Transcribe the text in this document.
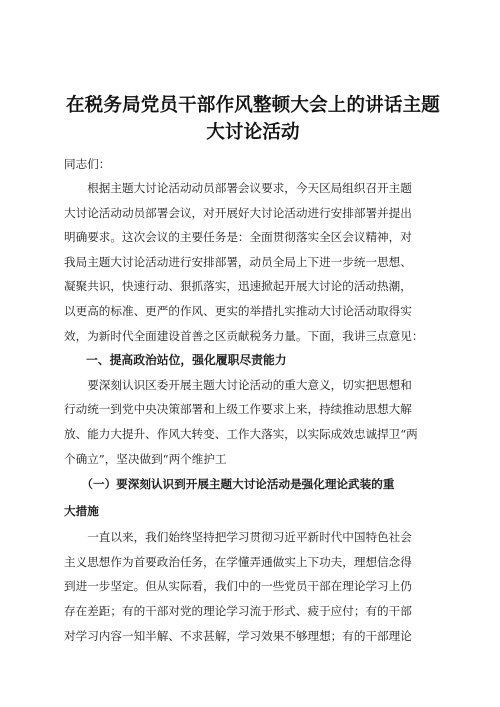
在税务局党员干部作风整顿大会上的讲话主题
大讨论活动
同志们：
　　根据主题大讨论活动动员部署会议要求，今天区局组织召开主题
大讨论活动动员部署会议，对开展好大讨论活动进行安排部署并提出
明确要求。这次会议的主要任务是：全面贯彻落实全区会议精神，对
我局主题大讨论活动进行安排部署，动员全局上下进一步统一思想、
凝聚共识，快速行动、狠抓落实，迅速掀起开展大讨论的活动热潮，
以更高的标准、更严的作风、更实的举措扎实推动大讨论活动取得实
效，为新时代全面建设首善之区贡献税务力量。下面，我讲三点意见：
一、提高政治站位，强化履职尽责能力
　　要深刻认识区委开展主题大讨论活动的重大意义，切实把思想和
行动统一到党中央决策部署和上级工作要求上来，持续推动思想大解
放、能力大提升、作风大转变、工作大落实，以实际成效忠诚捍卫“两
个确立”，坚决做到“两个维护工
　　（一）要深刻认识到开展主题大讨论活动是强化理论武装的重
大措施
　　一直以来，我们始终坚持把学习贯彻习近平新时代中国特色社会
主义思想作为首要政治任务，在学懂弄通做实上下功夫，理想信念得
到进一步坚定。但从实际看，我们中的一些党员干部在理论学习上仍
存在差距；有的干部对党的理论学习流于形式、疲于应付；有的干部
对学习内容一知半解、不求甚解，学习效果不够理想；有的干部理论
